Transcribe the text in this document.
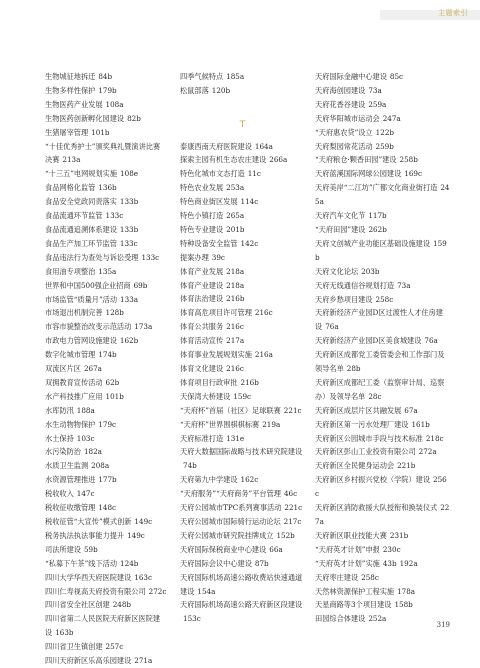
主题索引

生物城征地拆迁 84b

生物多样性保护 179b

生物医药产业发展 108a

生物医药创新孵化园建设 82b

生猪屠宰管理 101b

“十佳优秀护士”颁奖典礼暨演讲比赛决赛 213a

“十三五”电网规划实施 108e

食品网格化监管 136b

食品安全党政同责落实 133b

食品流通环节监管 133c

食品流通追溯体系建设 133b

食品生产加工环节监管 133c

食品违法行为查处与诉讼受理 133c

食用油专项整治 135a

世界和中国500强企业招商 69b

市场监管“质量月”活动 133a

市场退出机制完善 128b

市容市貌整治改变示范活动 173a

市政电力管网设施建设 162b

数字化城市管理 174b

双流区片区 267a

双拥教育宣传活动 62b

水产科技推广应用 101b

水库防汛 188a

水生动物物保护 179c

水土保持 103c

水污染防治 182a

水质卫生监测 208a

水资源管理推进 177b

税收收入 147c

税收征收缴管理 148c

税收征管“大宣传”模式创新 149c

税务执法执法事能力提升 149c

司法所建设 59b

“私募下午茶”线下活动 124b

四川大学华西天府医院建设 163c

四川仁寿视高天府投资有限公司 272c

四川省安全社区创建 248b

四川省第二人民医院天府新区医院建设 163b

四川省卫生镇创建 257c

四川天府新区乐高乐园建设 271a

四季气候特点 185a

松鼠部落 120b

T

泰康西南天府医院建设 164a

探索主园有机生态农庄建设 266a

特色化城市文态打造 11c

特色农业发展 253a

特色商业街区发展 114c

特色小镇打造 265a

特色专业建设 201b

特种设备安全监管 142c

提案办理 39c

体育产业发展 218a

体育产业建设 218a

体育法治建设 216b

体育高危项目许可管理 216c

体育公共服务 216c

体育活动宣传 217a

体育事业发展规划实施 216a

体育文化建设 216c

体育项目行政审批 216b

天保湾大桥建设 159c

“天府杯”首届（社区）足球联赛 221c

“天府杯”世界围棋棋标赛 219a

天府标准打造 131e

天府大数据国际战略与技术研究院建设74b

天府第九中学建设 162c

“天府服务”“天府商务”平台管理 46c

天府公园城市TPC系列赛事活动 221c

天府公园城市国际骑行运动论坛 217c

天府公园城市研究院挂牌成立 152b

天府国际保税商业中心建设 66a

天府国际会议中心建设 87b

天府国际机场高速公路收费站快速通道建设 154a

天府国际机场高速公路天府新区段建设153c

天府国际金融中心建设 85c

天府海创园建设 73a

天府花香谷建设 259a

天府华阳城市运动会 247a

“天府惠农贷”设立 122b

天府梨园常花活动 259b

“天府粮仓·颗香田园”建设 258b

天府蓝溪国际网球公园建设 169c

天府美岸“二江坊”广都文化商业街打造 245a

天府汽车文化节 117b

“天府田园”建设 262b

天府文创城产业功能区基础设施建设 159b

天府文化论坛 203b

天府无线通信谷规划打造 73a

天府乡愁项目建设 258c

天府新经济产业园D区过渡性人才住房建设 76a

天府新经济产业园D区美食城建设 76a

天府新区成都党工委管委会和工作部门及领导名单 28b

天府新区成都纪工委（监察审计局、巡察办）及领导名单 28c

天府新区成层片区共融发展 67a

天府新区第一污水处理厂建设 161b

天府新区公园城市手段与技术标准 218c

天府新区彭山工业投资有限公司 272a

天府新区全民健身运动会 221b

天府新区乡村振兴党校（学院）建设 256c

天府新区消防救援大队授衔和换装仪式 227a

天府新区职业技能大赛 231b

“天府英才计划”申报 230c

“天府英才计划”实施 43b 192a

天府枣庄建设 258c

天然林资源保护工程实施 178a

天星商路等3个项目建设 158b

田园综合体建设 252a

319
